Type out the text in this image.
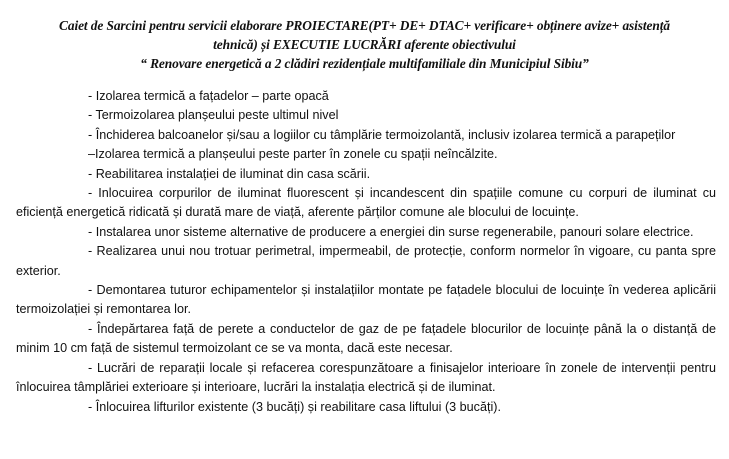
Caiet de Sarcini pentru servicii elaborare PROIECTARE(PT+ DE+ DTAC+ verificare+ obținere avize+ asistență
tehnică) și EXECUTIE LUCRĂRI aferente obiectivului
“ Renovare energetică a 2 clădiri rezidențiale multifamiliale din Municipiul Sibiu”

- Izolarea termică a fațadelor – parte opacă

- Termoizolarea planșeului peste ultimul nivel

- Închiderea balcoanelor și/sau a logiilor cu tâmplărie termoizolantă, inclusiv izolarea termică a parapeților

–Izolarea termică a planșeului peste parter în zonele cu spații neîncălzite.

- Reabilitarea instalației de iluminat din casa scării.

- Inlocuirea corpurilor de iluminat fluorescent și incandescent din spațiile comune cu corpuri de iluminat cu eficiență energetică ridicată și durată mare de viață, aferente părților comune ale blocului de locuințe.

- Instalarea unor sisteme alternative de producere a energiei din surse regenerabile, panouri solare electrice.

- Realizarea unui nou trotuar perimetral, impermeabil, de protecție, conform normelor în vigoare, cu panta spre exterior.

- Demontarea tuturor echipamentelor și instalațiilor montate pe fațadele blocului de locuințe în vederea aplicării termoizolației și remontarea lor.

- Îndepărtarea față de perete a conductelor de gaz de pe fațadele blocurilor de locuințe până la o distanță de minim 10 cm față de sistemul termoizolant ce se va monta, dacă este necesar.

- Lucrări de reparații locale și refacerea corespunzătoare a finisajelor interioare în zonele de intervenții pentru înlocuirea tâmplăriei exterioare și interioare, lucrări la instalația electrică și de iluminat.

- Înlocuirea lifturilor existente (3 bucăți) și reabilitare casa liftului (3 bucăți).
